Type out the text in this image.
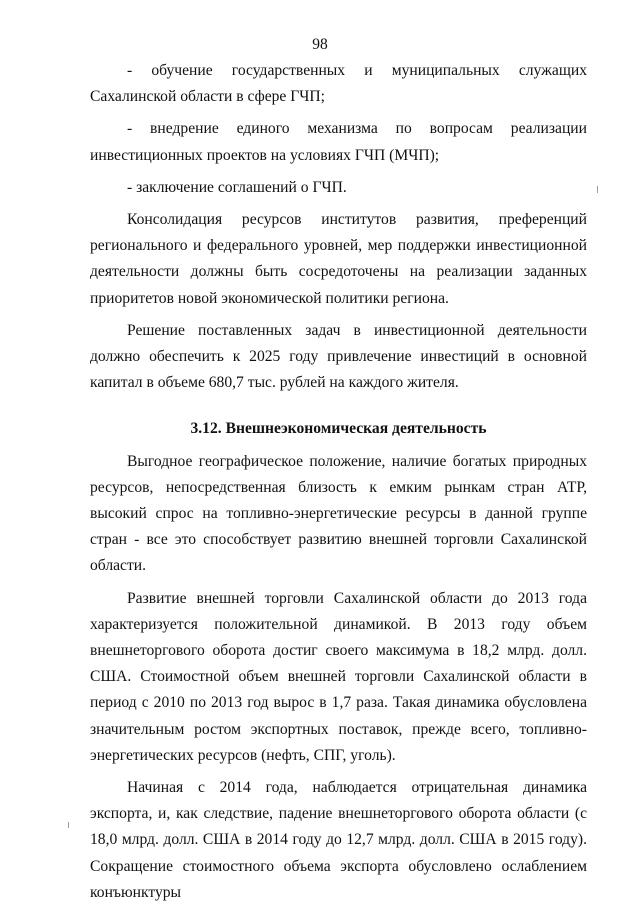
98

- обучение государственных и муниципальных служащих Сахалинской области в сфере ГЧП;

- внедрение единого механизма по вопросам реализации инвестиционных проектов на условиях ГЧП (МЧП);

- заключение соглашений о ГЧП.

Консолидация ресурсов институтов развития, преференций регионального и федерального уровней, мер поддержки инвестиционной деятельности должны быть сосредоточены на реализации заданных приоритетов новой экономической политики региона.

Решение поставленных задач в инвестиционной деятельности должно обеспечить к 2025 году привлечение инвестиций в основной капитал в объеме 680,7 тыс. рублей на каждого жителя.

3.12. Внешнеэкономическая деятельность

Выгодное географическое положение, наличие богатых природных ресурсов, непосредственная близость к емким рынкам стран АТР, высокий спрос на топливно-энергетические ресурсы в данной группе стран - все это способствует развитию внешней торговли Сахалинской области.

Развитие внешней торговли Сахалинской области до 2013 года характеризуется положительной динамикой. В 2013 году объем внешнеторгового оборота достиг своего максимума в 18,2 млрд. долл. США. Стоимостной объем внешней торговли Сахалинской области в период с 2010 по 2013 год вырос в 1,7 раза. Такая динамика обусловлена значительным ростом экспортных поставок, прежде всего, топливно-энергетических ресурсов (нефть, СПГ, уголь).

Начиная с 2014 года, наблюдается отрицательная динамика экспорта, и, как следствие, падение внешнеторгового оборота области (с 18,0 млрд. долл. США в 2014 году до 12,7 млрд. долл. США в 2015 году). Сокращение стоимостного объема экспорта обусловлено ослаблением конъюнктуры
